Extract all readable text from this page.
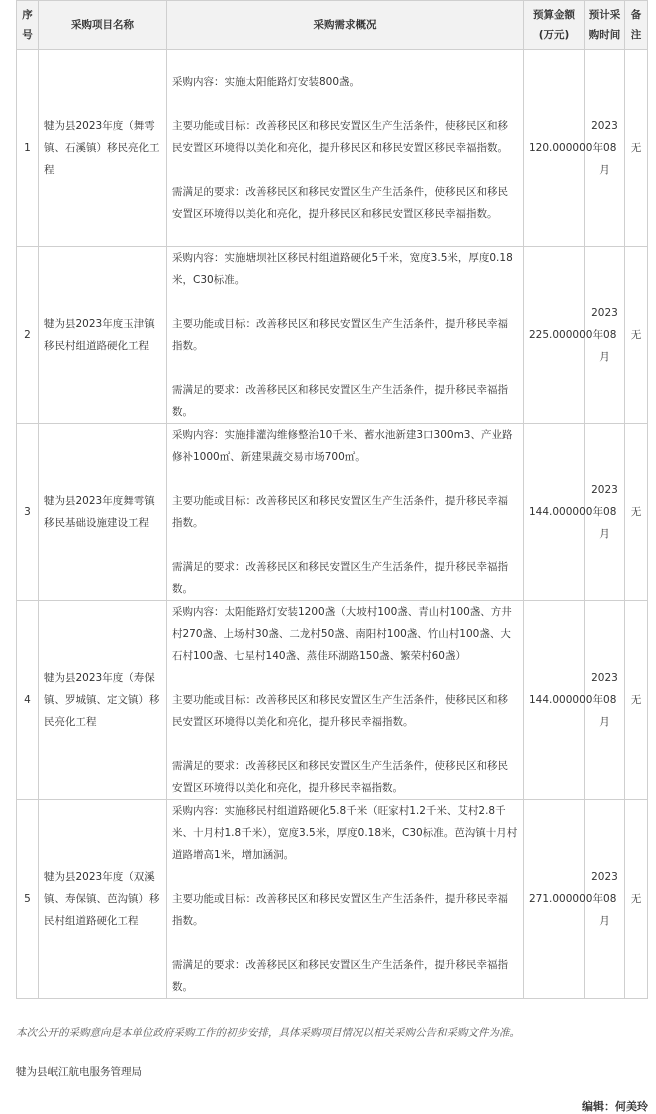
序号	采购项目名称	采购需求概况	预算金额(万元)	预计采购时间	备注
1	犍为县2023年度（舞雩镇、石溪镇）移民亮化工程	采购内容：实施太阳能路灯安装800盏。

主要功能或目标：改善移民区和移民安置区生产生活条件，使移民区和移民安置区环境得以美化和亮化，提升移民区和移民安置区移民幸福指数。

需满足的要求：改善移民区和移民安置区生产生活条件，使移民区和移民安置区环境得以美化和亮化，提升移民区和移民安置区移民幸福指数。	120.000000	2023年08月	无
2	犍为县2023年度玉津镇移民村组道路硬化工程	采购内容：实施塘坝社区移民村组道路硬化5千米，宽度3.5米，厚度0.18米，C30标准。

主要功能或目标：改善移民区和移民安置区生产生活条件，提升移民幸福指数。

需满足的要求：改善移民区和移民安置区生产生活条件，提升移民幸福指数。	225.000000	2023年08月	无
3	犍为县2023年度舞雩镇移民基础设施建设工程	采购内容：实施排灌沟维修整治10千米、蓄水池新建3口300m3、产业路修补1000㎡、新建果蔬交易市场700㎡。

主要功能或目标：改善移民区和移民安置区生产生活条件，提升移民幸福指数。

需满足的要求：改善移民区和移民安置区生产生活条件，提升移民幸福指数。	144.000000	2023年08月	无
4	犍为县2023年度（寿保镇、罗城镇、定文镇）移民亮化工程	采购内容：太阳能路灯安装1200盏（大坡村100盏、青山村100盏、方井村270盏、上场村30盏、二龙村50盏、南阳村100盏、竹山村100盏、大石村100盏、七星村140盏、蒸佳环湖路150盏、繁荣村60盏）

主要功能或目标：改善移民区和移民安置区生产生活条件，使移民区和移民安置区环境得以美化和亮化，提升移民幸福指数。

需满足的要求：改善移民区和移民安置区生产生活条件，使移民区和移民安置区环境得以美化和亮化，提升移民幸福指数。	144.000000	2023年08月	无
5	犍为县2023年度（双溪镇、寿保镇、芭沟镇）移民村组道路硬化工程	采购内容：实施移民村组道路硬化5.8千米（旺家村1.2千米、艾村2.8千米、十月村1.8千米），宽度3.5米，厚度0.18米，C30标准。芭沟镇十月村道路增高1米，增加涵洞。

主要功能或目标：改善移民区和移民安置区生产生活条件，提升移民幸福指数。

需满足的要求：改善移民区和移民安置区生产生活条件，提升移民幸福指数。	271.000000	2023年08月	无

本次公开的采购意向是本单位政府采购工作的初步安排，具体采购项目情况以相关采购公告和采购文件为准。

犍为县岷江航电服务管理局

编辑：何美玲
